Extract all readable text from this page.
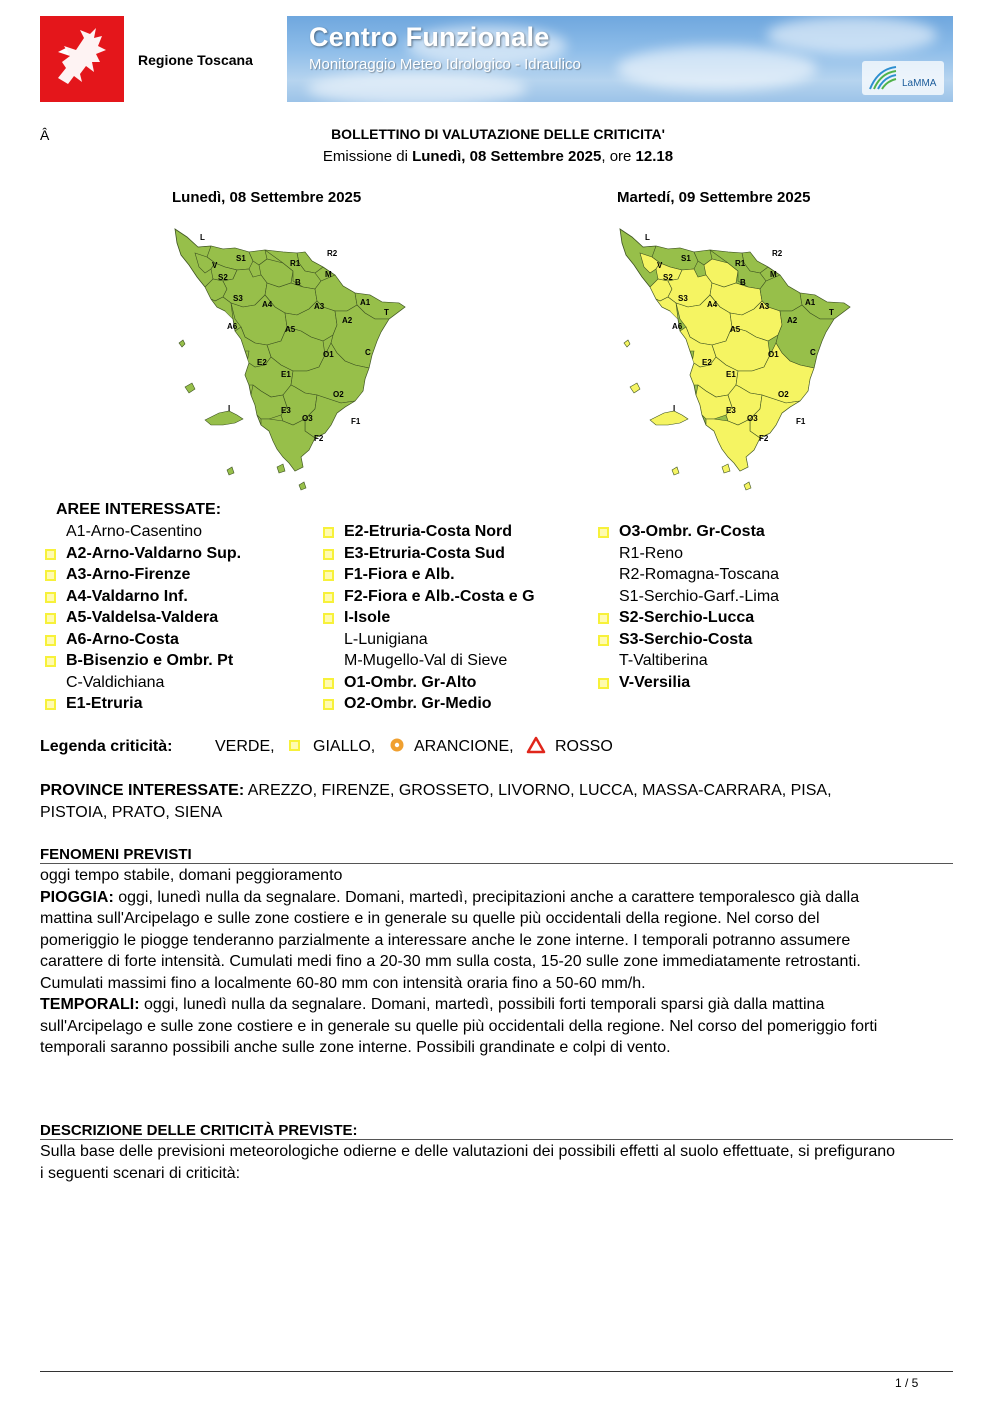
Regione Toscana
Centro Funzionale
Monitoraggio Meteo Idrologico - Idraulico
LaMMA
Â	BOLLETTINO DI VALUTAZIONE DELLE CRITICITA'
Emissione di Lunedì, 08 Settembre 2025, ore 12.18
Lunedì, 08 Settembre 2025	Martedí, 09 Settembre 2025
L
S1
V	R1
R2
S2
B
M
S3
A4	A3	A1
T
A6	A5
A2
O1	C
E2
E1
I	E3
O3
O2
F1
F2
L
S1
V	R1
R2
S2
B
M
S3
A4	A3	A1
T
A6	A5
A2
O1	C
E2
E1
I	E3
O3
O2
F1
F2
AREE INTERESSATE:
A1-Arno-Casentino
A2-Arno-Valdarno Sup.
A3-Arno-Firenze
A4-Valdarno Inf.
A5-Valdelsa-Valdera
A6-Arno-Costa
B-Bisenzio e Ombr. Pt
C-Valdichiana
E1-Etruria
E2-Etruria-Costa Nord
E3-Etruria-Costa Sud
F1-Fiora e Alb.
F2-Fiora e Alb.-Costa e G
I-Isole
L-Lunigiana
M-Mugello-Val di Sieve
O1-Ombr. Gr-Alto
O2-Ombr. Gr-Medio
O3-Ombr. Gr-Costa
R1-Reno
R2-Romagna-Toscana
S1-Serchio-Garf.-Lima
S2-Serchio-Lucca
S3-Serchio-Costa
T-Valtiberina
V-Versilia
Legenda criticità:	VERDE, GIALLO, ARANCIONE,	ROSSO
PROVINCE INTERESSATE: AREZZO, FIRENZE, GROSSETO, LIVORNO, LUCCA, MASSA-CARRARA, PISA,
PISTOIA, PRATO, SIENA
FENOMENI PREVISTI
oggi tempo stabile, domani peggioramento
PIOGGIA: oggi, lunedì nulla da segnalare. Domani, martedì, precipitazioni anche a carattere temporalesco già dalla
mattina sull'Arcipelago e sulle zone costiere e in generale su quelle più occidentali della regione. Nel corso del
pomeriggio le piogge tenderanno parzialmente a interessare anche le zone interne. I temporali potranno assumere
carattere di forte intensità. Cumulati medi fino a 20-30 mm sulla costa, 15-20 sulle zone immediatamente retrostanti.
Cumulati massimi fino a localmente 60-80 mm con intensità oraria fino a 50-60 mm/h.
TEMPORALI: oggi, lunedì nulla da segnalare. Domani, martedì, possibili forti temporali sparsi già dalla mattina
sull'Arcipelago e sulle zone costiere e in generale su quelle più occidentali della regione. Nel corso del pomeriggio forti
temporali saranno possibili anche sulle zone interne. Possibili grandinate e colpi di vento.
DESCRIZIONE DELLE CRITICITÀ PREVISTE:
Sulla base delle previsioni meteorologiche odierne e delle valutazioni dei possibili effetti al suolo effettuate, si prefigurano
i seguenti scenari di criticità:
1 / 5
